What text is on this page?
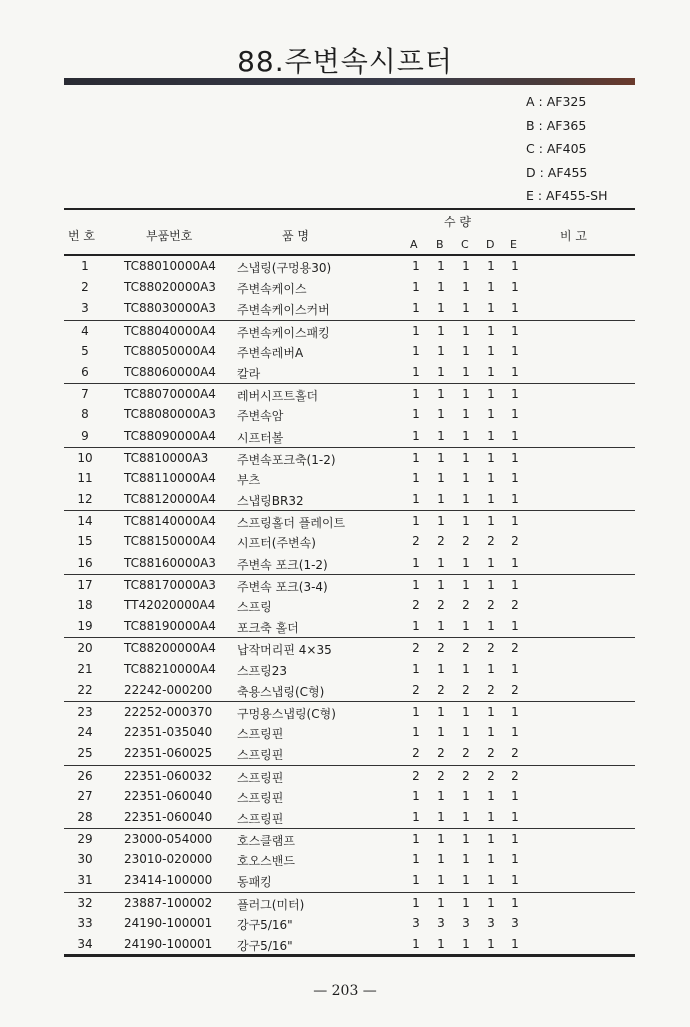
88.주변속시프터
A : AF325
B : AF365
C : AF405
D : AF455
E : AF455-SH
번 호	부품번호	품 명
수 량
A B C D E
비 고
1	TC88010000A4 스냅링(구멍용30)	1 1 1 1 1
2	TC88020000A3 주변속케이스	1 1 1 1 1
3	TC88030000A3 주변속케이스커버	1 1 1 1 1
4	TC88040000A4 주변속케이스패킹	1 1 1 1 1
5	TC88050000A4 주변속레버A	1 1 1 1 1
6	TC88060000A4 칼라	1 1 1 1 1
7	TC88070000A4 레버시프트홀더	1 1 1 1 1
8	TC88080000A3 주변속암	1 1 1 1 1
9	TC88090000A4 시프터볼	1 1 1 1 1
10	TC8810000A3 주변속포크축(1-2)	1 1 1 1 1
11	TC88110000A4 부츠	1 1 1 1 1
12	TC88120000A4 스냅링BR32	1 1 1 1 1
14	TC88140000A4 스프링홀더 플레이트	1 1 1 1 1
15	TC88150000A4 시프터(주변속)	2 2 2 2 2
16	TC88160000A3 주변속 포크(1-2)	1 1 1 1 1
17	TC88170000A3 주변속 포크(3-4)	1 1 1 1 1
18	TT42020000A4 스프링	2 2 2 2 2
19	TC88190000A4 포크축 홀더	1 1 1 1 1
20	TC88200000A4 납작머리핀 4×35	2 2 2 2 2
21	TC88210000A4 스프링23	1 1 1 1 1
22	22242-000200 축용스냅링(C형)	2 2 2 2 2
23	22252-000370 구멍용스냅링(C형)	1 1 1 1 1
24	22351-035040 스프링핀	1 1 1 1 1
25	22351-060025 스프링핀	2 2 2 2 2
26	22351-060032 스프링핀	2 2 2 2 2
27	22351-060040 스프링핀	1 1 1 1 1
28	22351-060040 스프링핀	1 1 1 1 1
29	23000-054000 호스클램프	1 1 1 1 1
30	23010-020000 호오스밴드	1 1 1 1 1
31	23414-100000 동패킹	1 1 1 1 1
32	23887-100002 플러그(미터)	1 1 1 1 1
33	24190-100001 강구5/16"	3 3 3 3 3
34	24190-100001 강구5/16"	1 1 1 1 1
— 203 —
